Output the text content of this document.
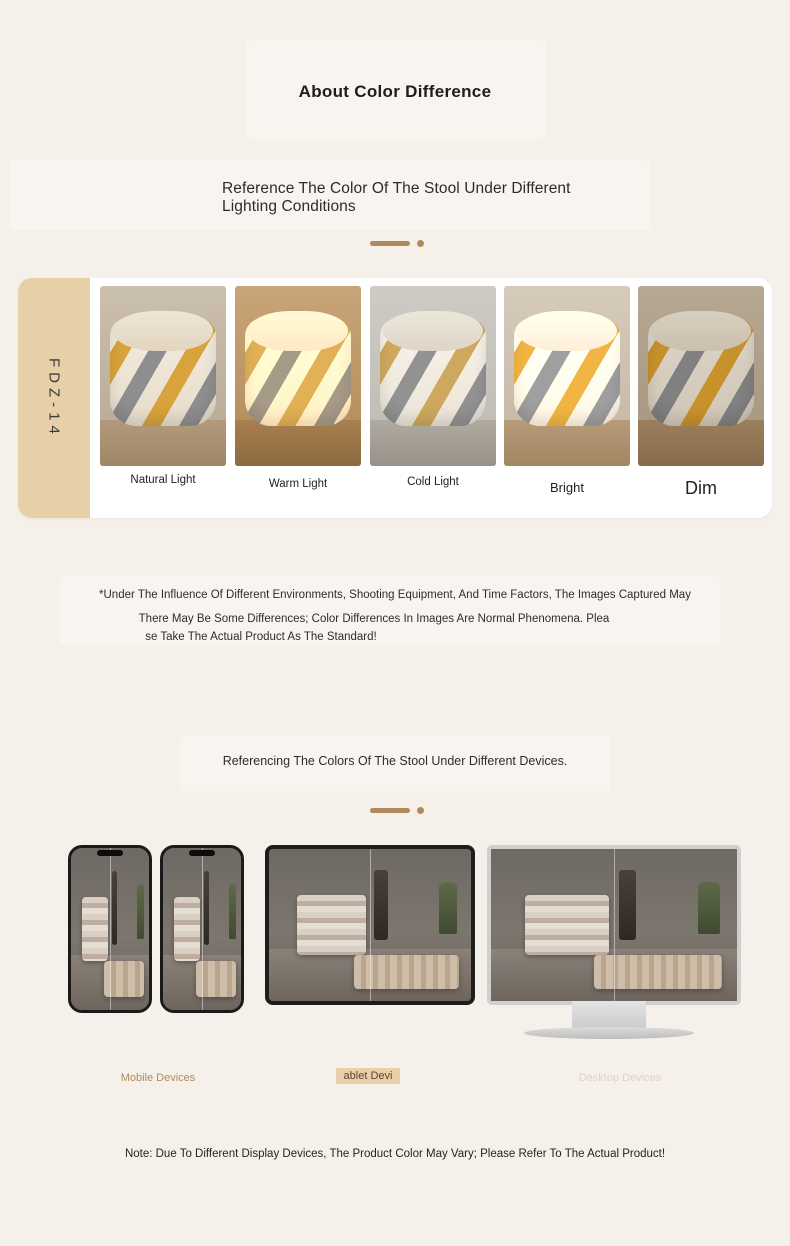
About Color Difference
Reference The Color Of The Stool Under Different Lighting Conditions
FDZ-14
Natural Light	Warm Light	Cold Light	Bright	Dim
*Under The Influence Of Different Environments, Shooting Equipment, And Time Factors, The Images Captured May
There May Be Some Differences; Color Differences In Images Are Normal Phenomena. Plea
se Take The Actual Product As The Standard!
Referencing The Colors Of The Stool Under Different Devices.
Mobile Devices	ablet Devi	Desktop Devices
Note: Due To Different Display Devices, The Product Color May Vary; Please Refer To The Actual Product!
